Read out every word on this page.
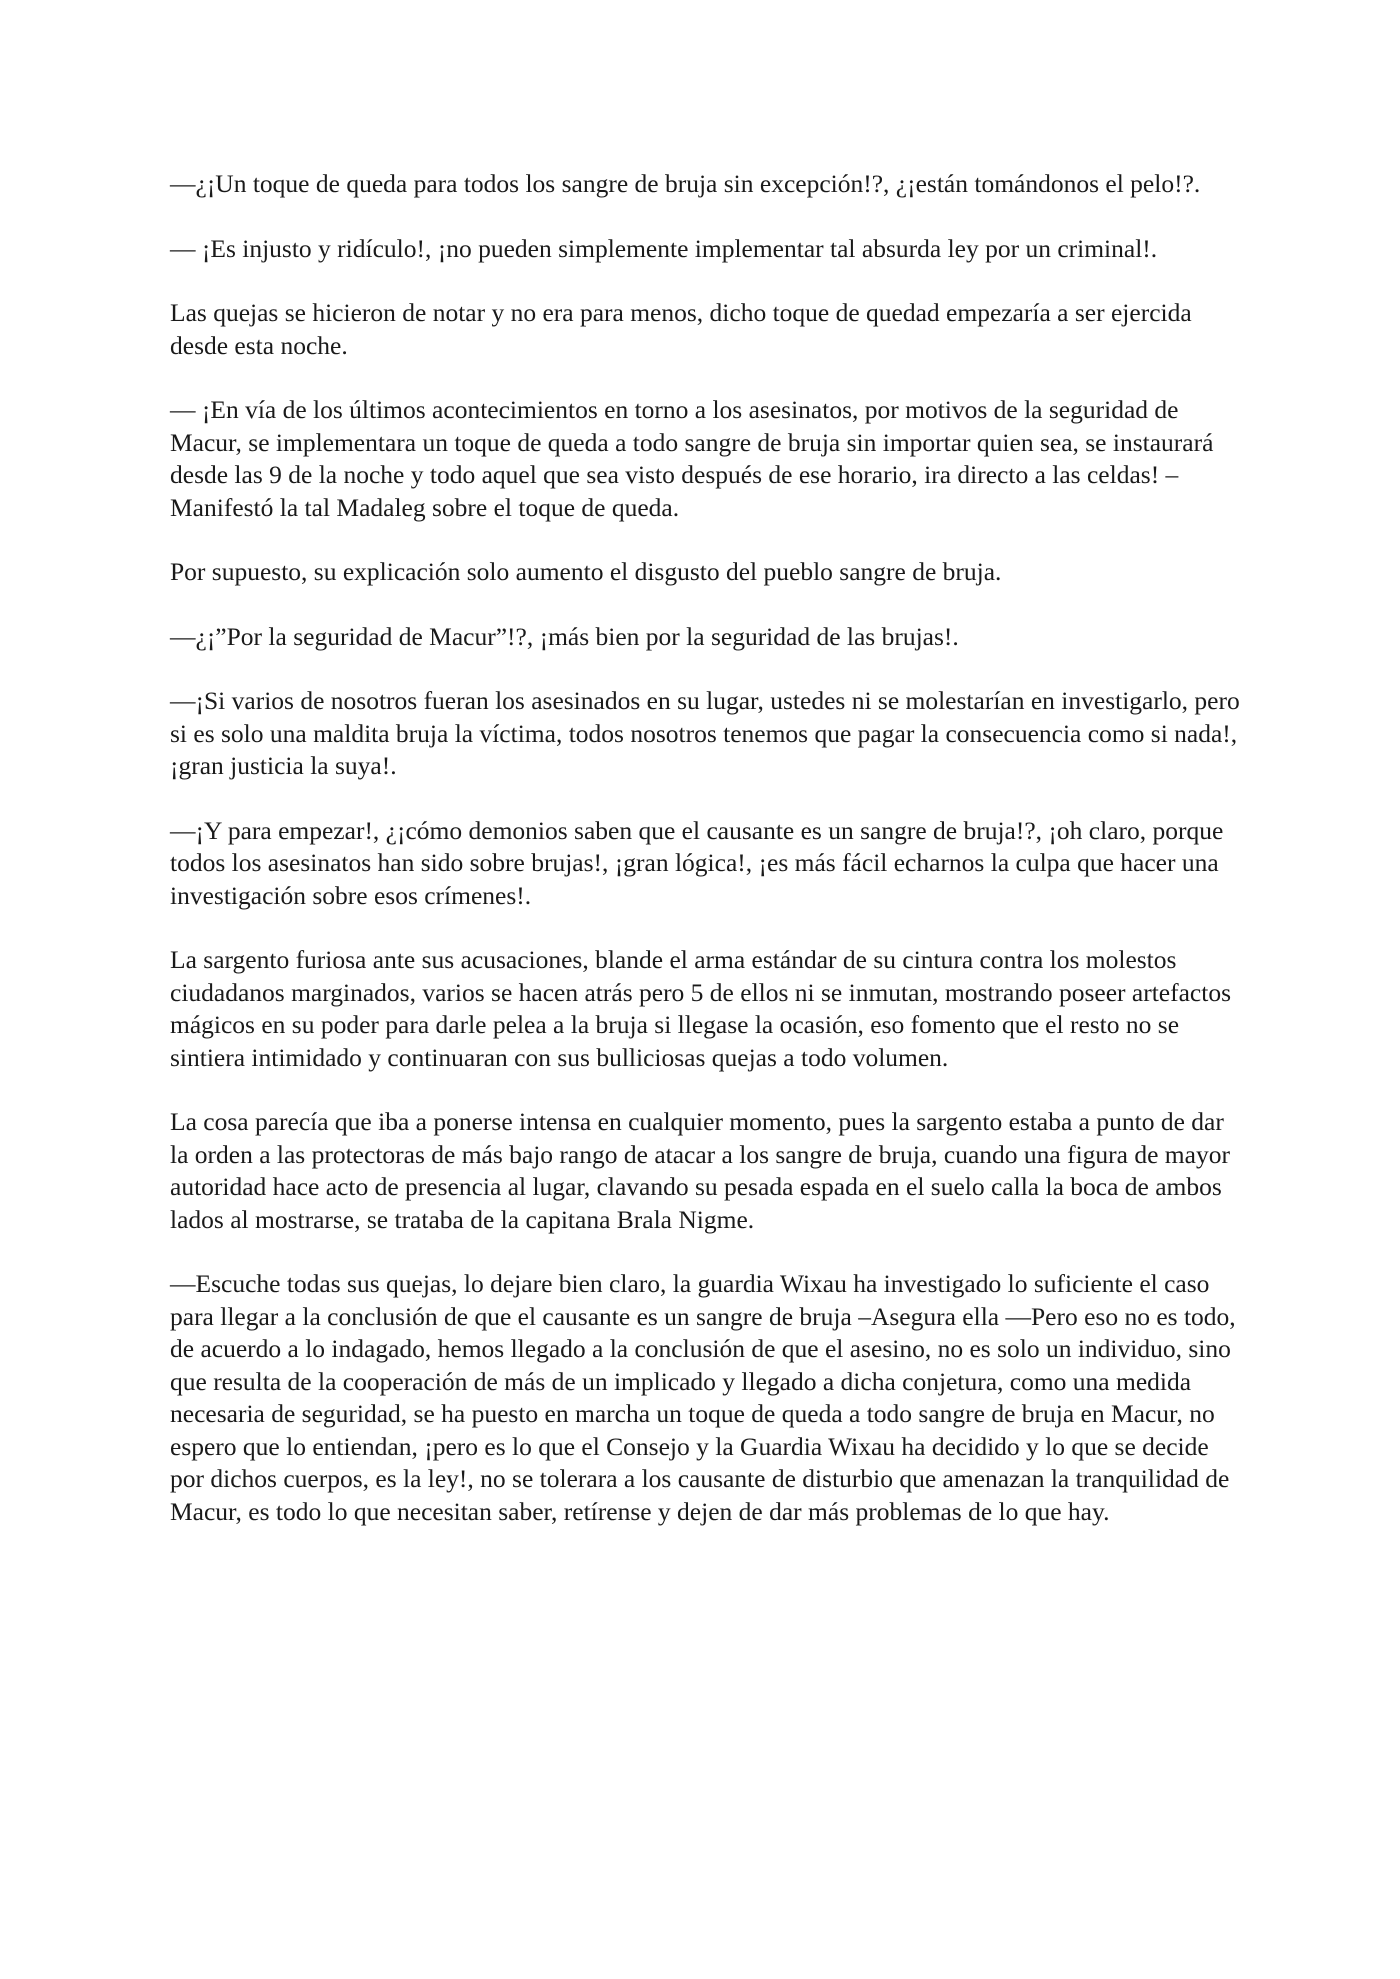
—¿¡Un toque de queda para todos los sangre de bruja sin excepción!?, ¿¡están tomándonos el pelo!?.

— ¡Es injusto y ridículo!, ¡no pueden simplemente implementar tal absurda ley por un criminal!.

Las quejas se hicieron de notar y no era para menos, dicho toque de quedad empezaría a ser ejercida desde esta noche.

— ¡En vía de los últimos acontecimientos en torno a los asesinatos, por motivos de la seguridad de Macur, se implementara un toque de queda a todo sangre de bruja sin importar quien sea, se instaurará desde las 9 de la noche y todo aquel que sea visto después de ese horario, ira directo a las celdas! –Manifestó la tal Madaleg sobre el toque de queda.

Por supuesto, su explicación solo aumento el disgusto del pueblo sangre de bruja.

—¿¡”Por la seguridad de Macur”!?, ¡más bien por la seguridad de las brujas!.

—¡Si varios de nosotros fueran los asesinados en su lugar, ustedes ni se molestarían en investigarlo, pero si es solo una maldita bruja la víctima, todos nosotros tenemos que pagar la consecuencia como si nada!, ¡gran justicia la suya!.

—¡Y para empezar!, ¿¡cómo demonios saben que el causante es un sangre de bruja!?, ¡oh claro, porque todos los asesinatos han sido sobre brujas!, ¡gran lógica!, ¡es más fácil echarnos la culpa que hacer una investigación sobre esos crímenes!.

La sargento furiosa ante sus acusaciones, blande el arma estándar de su cintura contra los molestos ciudadanos marginados, varios se hacen atrás pero 5 de ellos ni se inmutan, mostrando poseer artefactos mágicos en su poder para darle pelea a la bruja si llegase la ocasión, eso fomento que el resto no se sintiera intimidado y continuaran con sus bulliciosas quejas a todo volumen.

La cosa parecía que iba a ponerse intensa en cualquier momento, pues la sargento estaba a punto de dar la orden a las protectoras de más bajo rango de atacar a los sangre de bruja, cuando una figura de mayor autoridad hace acto de presencia al lugar, clavando su pesada espada en el suelo calla la boca de ambos lados al mostrarse, se trataba de la capitana Brala Nigme.

—Escuche todas sus quejas, lo dejare bien claro, la guardia Wixau ha investigado lo suficiente el caso para llegar a la conclusión de que el causante es un sangre de bruja –Asegura ella —Pero eso no es todo, de acuerdo a lo indagado, hemos llegado a la conclusión de que el asesino, no es solo un individuo, sino que resulta de la cooperación de más de un implicado y llegado a dicha conjetura, como una medida necesaria de seguridad, se ha puesto en marcha un toque de queda a todo sangre de bruja en Macur, no espero que lo entiendan, ¡pero es lo que el Consejo y la Guardia Wixau ha decidido y lo que se decide por dichos cuerpos, es la ley!, no se tolerara a los causante de disturbio que amenazan la tranquilidad de Macur, es todo lo que necesitan saber, retírense y dejen de dar más problemas de lo que hay.
